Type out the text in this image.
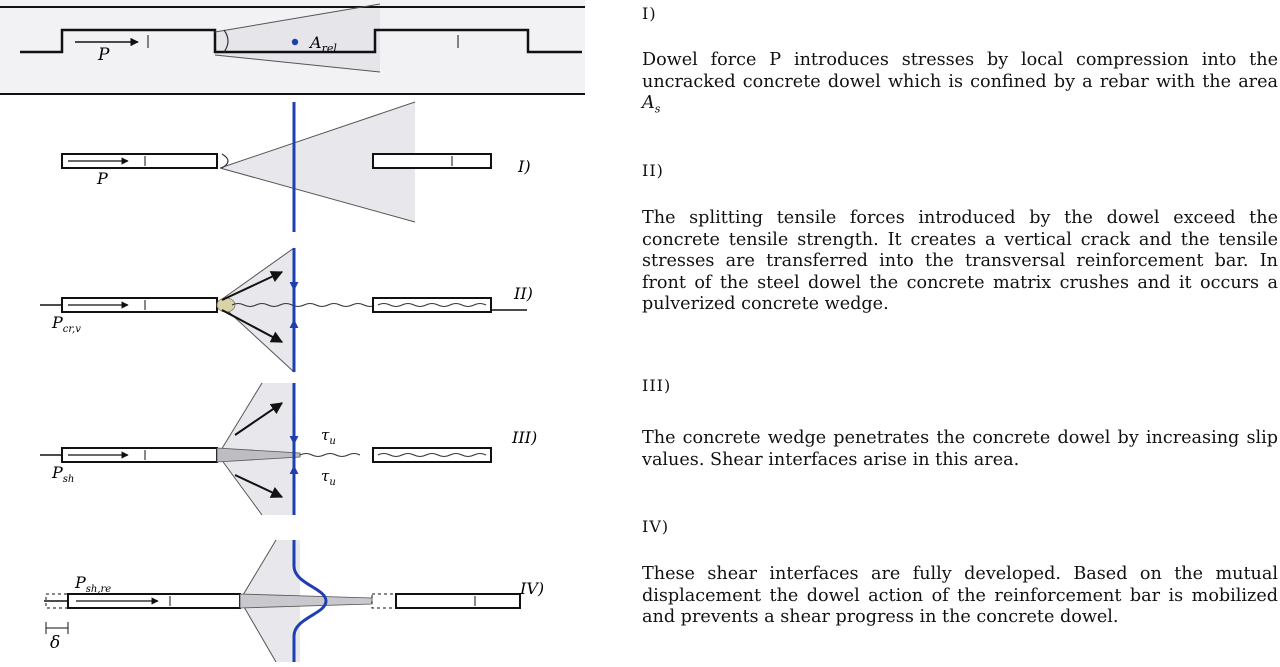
P
$A_{rel}$
P
I)
$P_{cr,v}$
II)
$P_{sh}$
$\tau_u$
$\tau_u$
III)
$P_{sh,re}$
δ
IV)
I)
Dowel force P introduces stresses by local compression into the uncracked concrete dowel which is confined by a rebar with the area $A_s$
II)
The splitting tensile forces introduced by the dowel exceed the concrete tensile strength. It creates a vertical crack and the tensile stresses are transferred into the transversal reinforcement bar. In front of the steel dowel the concrete matrix crushes and it occurs a pulverized concrete wedge.
III)
The concrete wedge penetrates the concrete dowel by increasing slip values. Shear interfaces arise in this area.
IV)
These shear interfaces are fully developed. Based on the mutual displacement the dowel action of the reinforcement bar is mobilized and prevents a shear progress in the concrete dowel.
